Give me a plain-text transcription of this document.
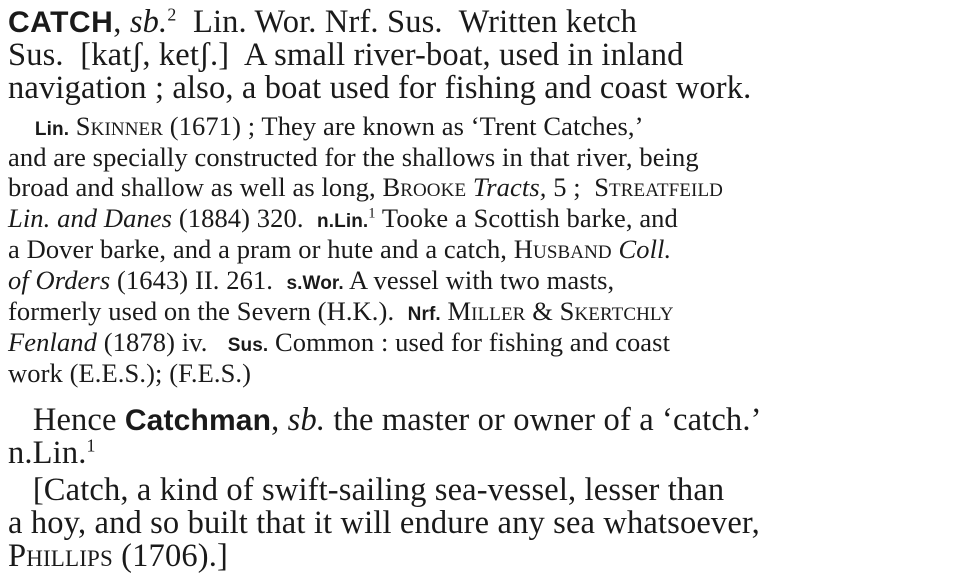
CATCH, sb.$^2$  Lin. Wor. Nrf. Sus.  Written ketch
Sus.  [katʃ, ketʃ.]  A small river-boat, used in inland
navigation ; also, a boat used for fishing and coast work.
Lin. Skinner (1671) ; They are known as ‘Trent Catches,’
and are specially constructed for the shallows in that river, being
broad and shallow as well as long, Brooke Tracts, 5 ;  Streatfeild
Lin. and Danes (1884) 320.  n.Lin.$^1$ Tooke a Scottish barke, and
a Dover barke, and a pram or hute and a catch, Husband Coll.
of Orders (1643) II. 261.  s.Wor. A vessel with two masts,
formerly used on the Severn (H.K.).  Nrf. Miller & Skertchly
Fenland (1878) iv.   Sus. Common : used for fishing and coast
work (E.E.S.); (F.E.S.)
Hence Catchman, sb. the master or owner of a ‘catch.’
n.Lin.$^1$
[Catch, a kind of swift-sailing sea-vessel, lesser than
a hoy, and so built that it will endure any sea whatsoever,
Phillips (1706).]
